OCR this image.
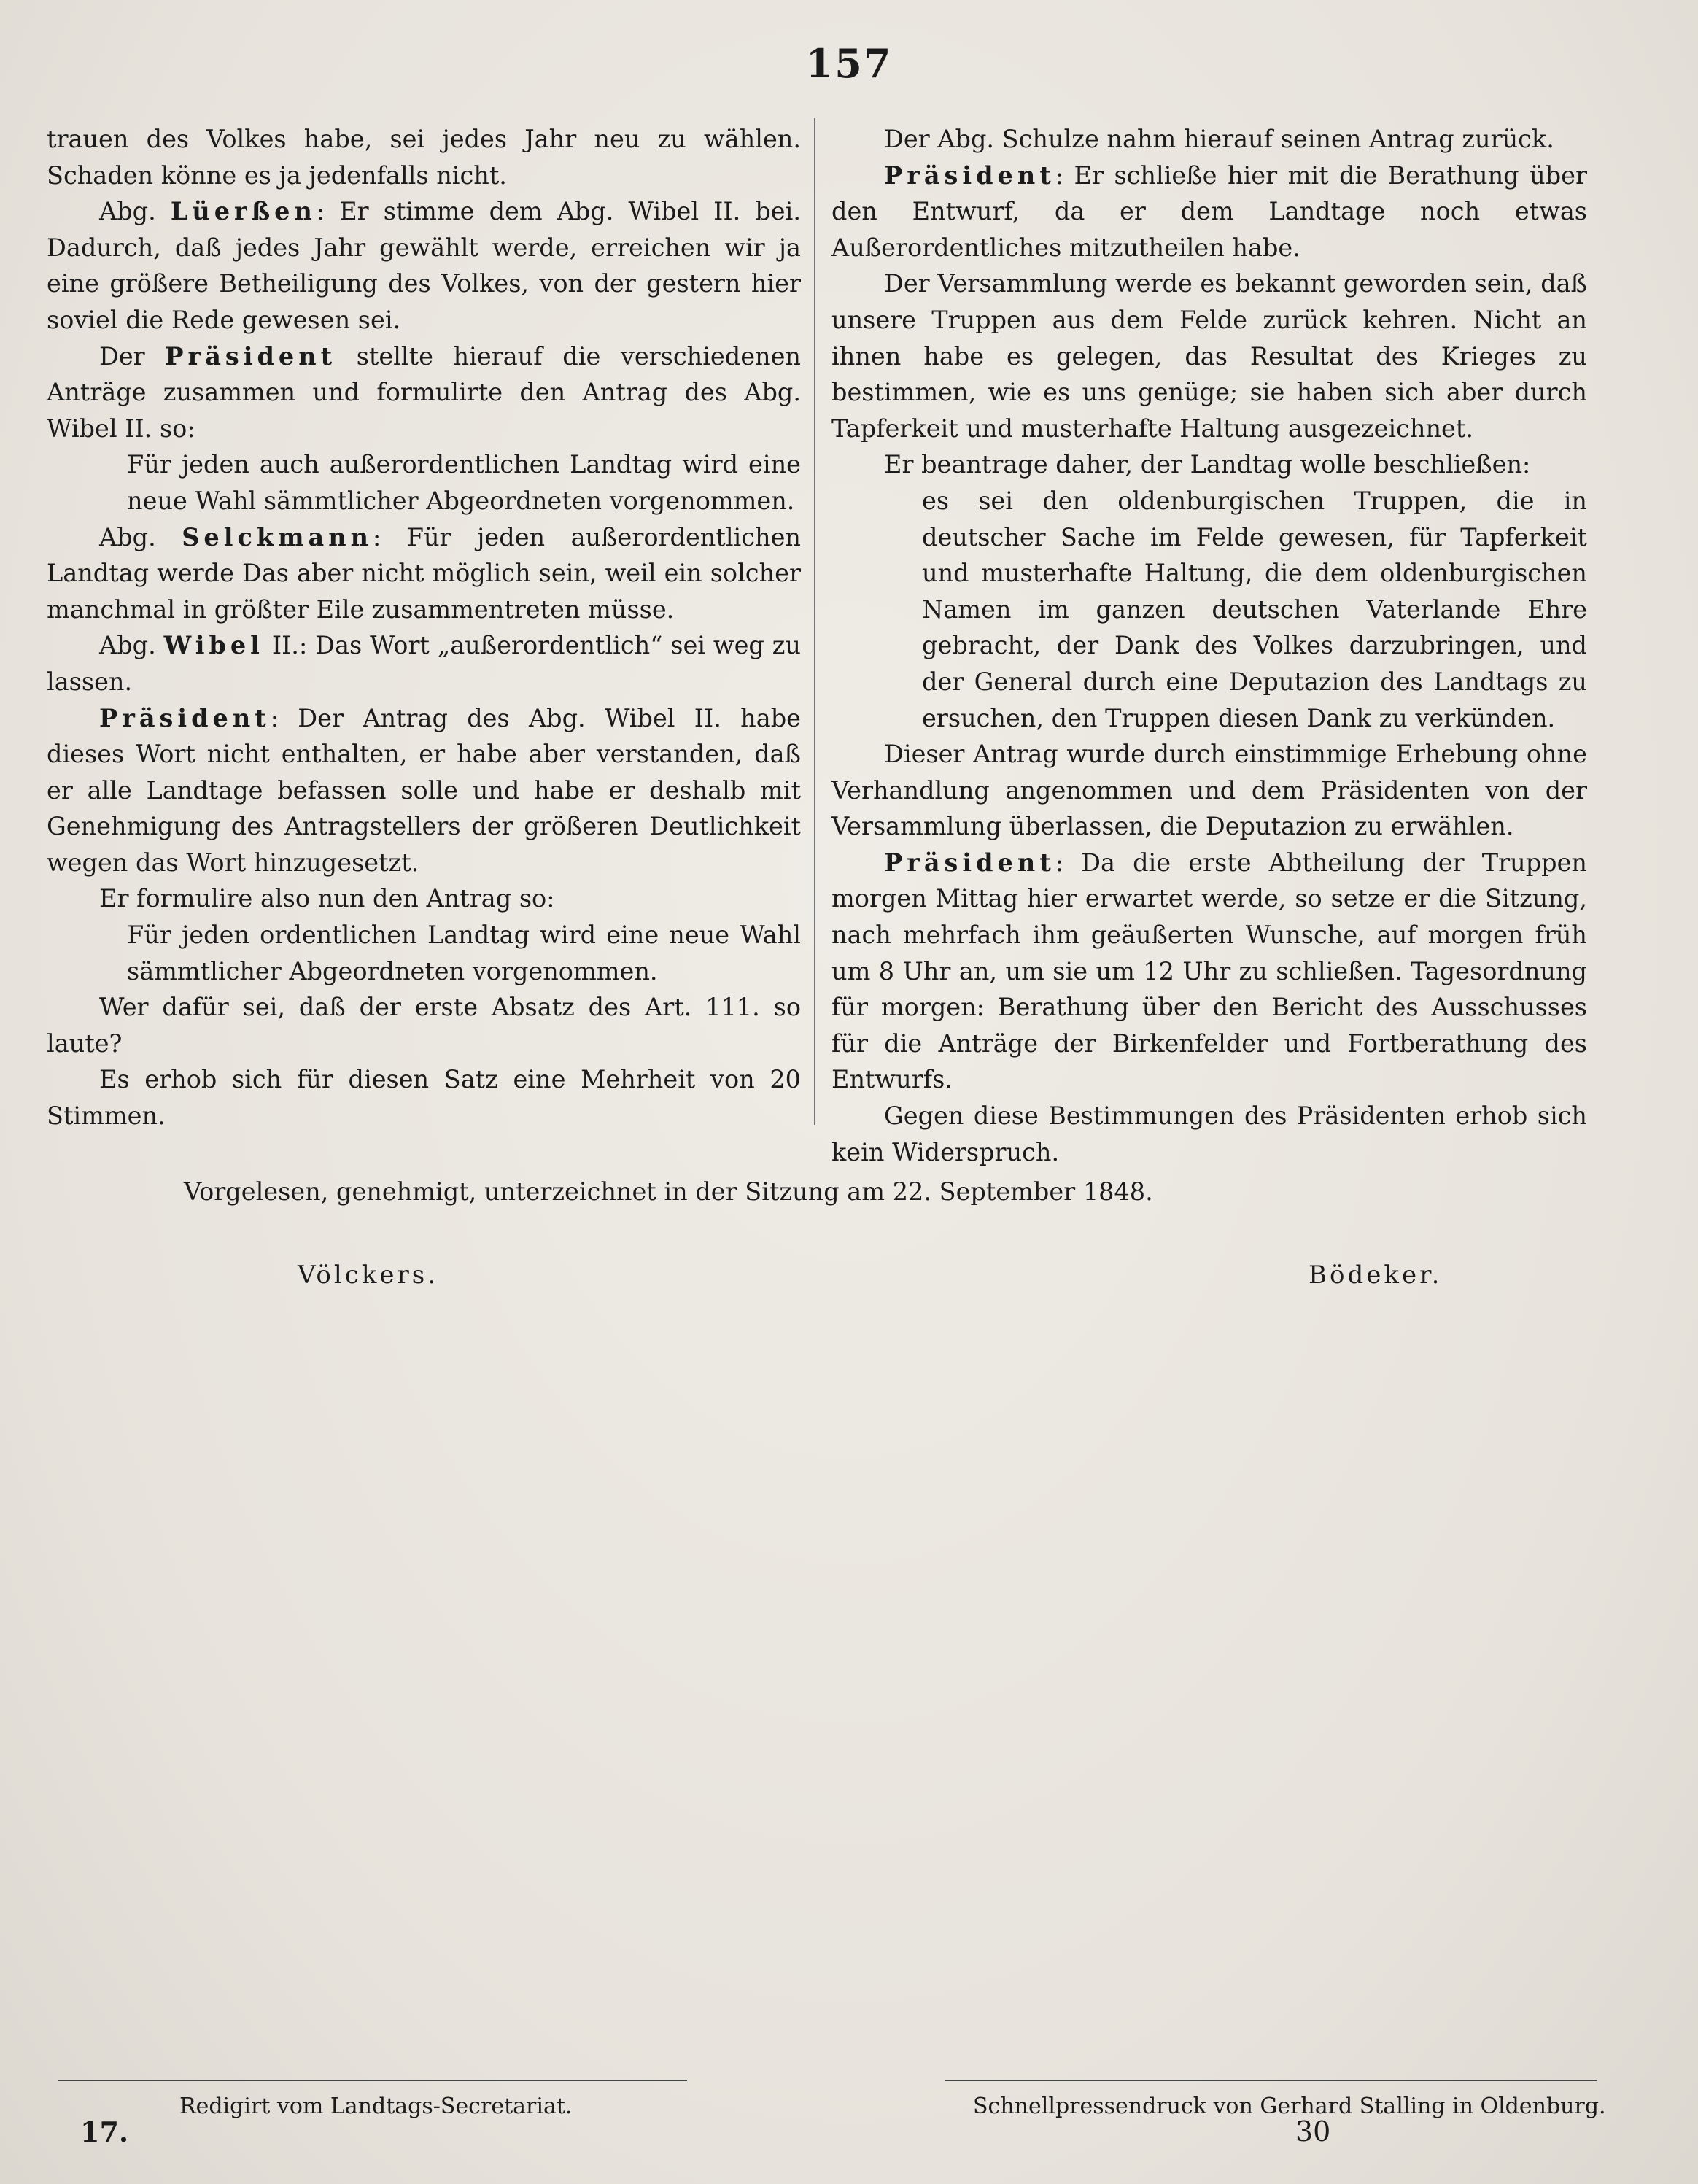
157

trauen des Volkes habe, sei jedes Jahr neu zu wählen. Schaden könne es ja jedenfalls nicht.

Abg. Lüerßen: Er stimme dem Abg. Wibel II. bei. Dadurch, daß jedes Jahr gewählt werde, erreichen wir ja eine größere Betheiligung des Volkes, von der gestern hier soviel die Rede gewesen sei.

Der Präsident stellte hierauf die verschiedenen Anträge zusammen und formulirte den Antrag des Abg. Wibel II. so:

Für jeden auch außerordentlichen Landtag wird eine neue Wahl sämmtlicher Abgeordneten vorgenommen.

Abg. Selckmann: Für jeden außerordentlichen Landtag werde Das aber nicht möglich sein, weil ein solcher manchmal in größter Eile zusammentreten müsse.

Abg. Wibel II.: Das Wort „außerordentlich“ sei weg zu lassen.

Präsident: Der Antrag des Abg. Wibel II. habe dieses Wort nicht enthalten, er habe aber verstanden, daß er alle Landtage befassen solle und habe er deshalb mit Genehmigung des Antragstellers der größeren Deutlichkeit wegen das Wort hinzugesetzt.

Er formulire also nun den Antrag so:

Für jeden ordentlichen Landtag wird eine neue Wahl sämmtlicher Abgeordneten vorgenommen.

Wer dafür sei, daß der erste Absatz des Art. 111. so laute?

Es erhob sich für diesen Satz eine Mehrheit von 20 Stimmen.

Der Abg. Schulze nahm hierauf seinen Antrag zurück.

Präsident: Er schließe hier mit die Berathung über den Entwurf, da er dem Landtage noch etwas Außerordentliches mitzutheilen habe.

Der Versammlung werde es bekannt geworden sein, daß unsere Truppen aus dem Felde zurück kehren. Nicht an ihnen habe es gelegen, das Resultat des Krieges zu bestimmen, wie es uns genüge; sie haben sich aber durch Tapferkeit und musterhafte Haltung ausgezeichnet.

Er beantrage daher, der Landtag wolle beschließen:

es sei den oldenburgischen Truppen, die in deutscher Sache im Felde gewesen, für Tapferkeit und musterhafte Haltung, die dem oldenburgischen Namen im ganzen deutschen Vaterlande Ehre gebracht, der Dank des Volkes darzubringen, und der General durch eine Deputazion des Landtags zu ersuchen, den Truppen diesen Dank zu verkünden.

Dieser Antrag wurde durch einstimmige Erhebung ohne Verhandlung angenommen und dem Präsidenten von der Versammlung überlassen, die Deputazion zu erwählen.

Präsident: Da die erste Abtheilung der Truppen morgen Mittag hier erwartet werde, so setze er die Sitzung, nach mehrfach ihm geäußerten Wunsche, auf morgen früh um 8 Uhr an, um sie um 12 Uhr zu schließen. Tagesordnung für morgen: Berathung über den Bericht des Ausschusses für die Anträge der Birkenfelder und Fortberathung des Entwurfs.

Gegen diese Bestimmungen des Präsidenten erhob sich kein Widerspruch.

Vorgelesen, genehmigt, unterzeichnet in der Sitzung am 22. September 1848.
Völckers.	Bödeker.
Redigirt vom Landtags-Secretariat.	Schnellpressendruck von Gerhard Stalling in Oldenburg.
17.	30
